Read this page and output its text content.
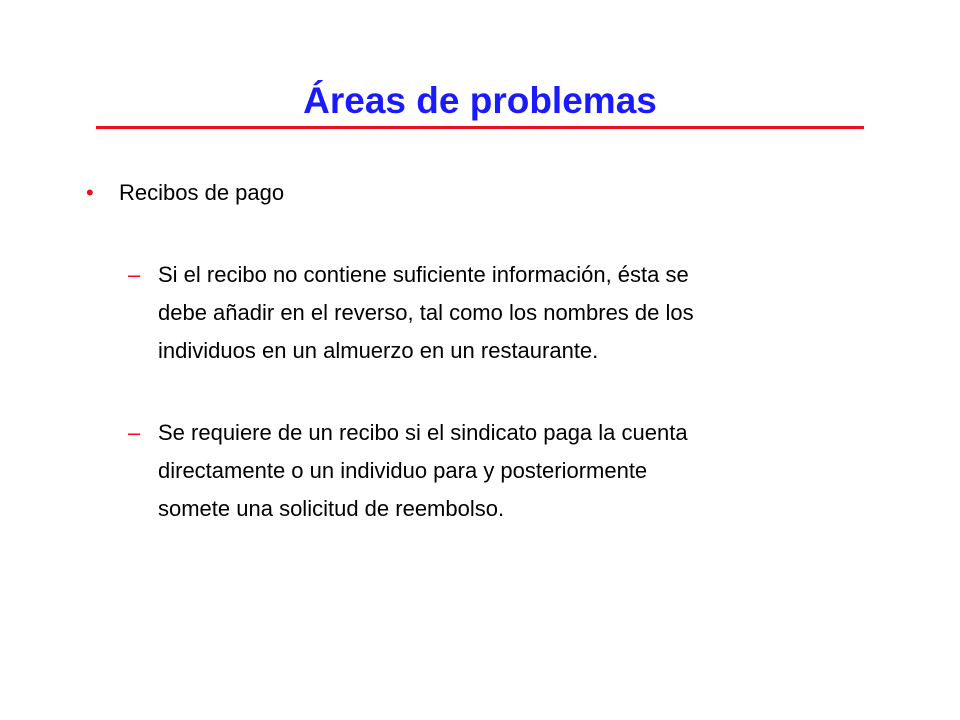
Áreas de problemas
•	Recibos de pago
– Si el recibo no contiene suficiente información, ésta se
debe añadir en el reverso, tal como los nombres de los
individuos en un almuerzo en un restaurante.

– Se requiere de un recibo si el sindicato paga la cuenta
directamente o un individuo para y posteriormente
somete una solicitud de reembolso.
